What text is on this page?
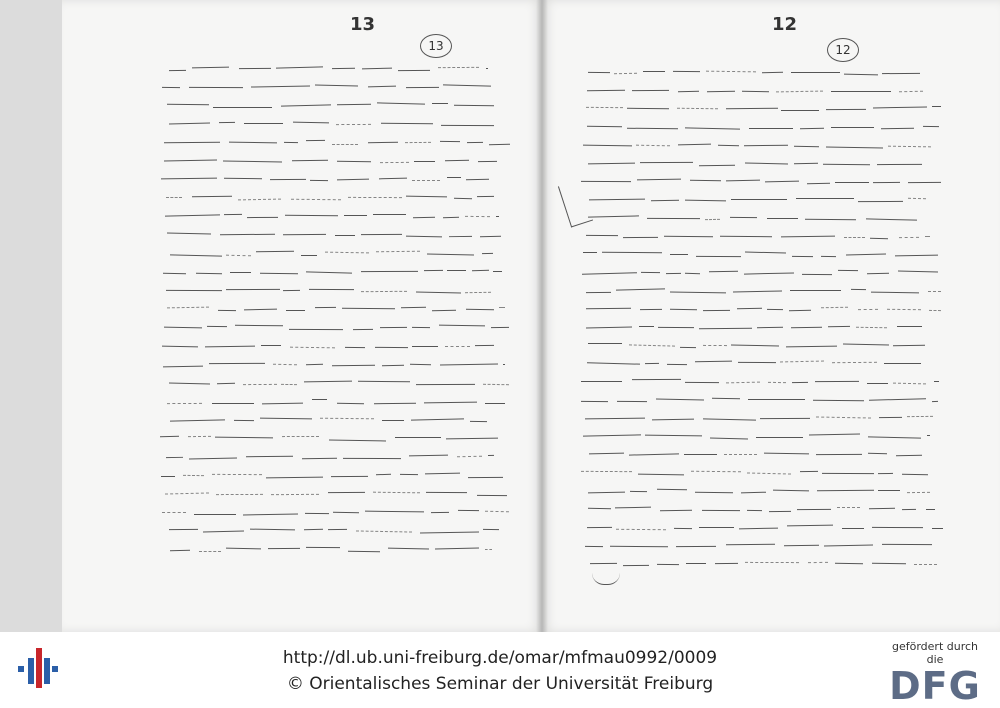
13	12
13	12
http://dl.ub.uni-freiburg.de/omar/mfmau0992/0009
© Orientalisches Seminar der Universität Freiburg
gefördert durch die
DFG
